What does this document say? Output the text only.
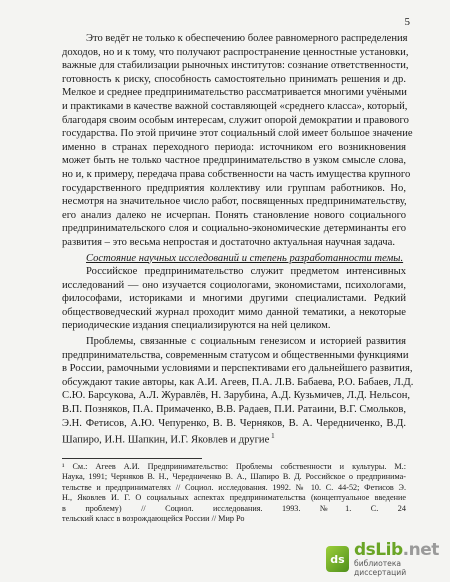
5
Это ведёт не только к обеспечению более равномерного распределения
доходов, но и к тому, что получают распространение ценностные установки,
важные для стабилизации рыночных институтов: сознание ответственности,
готовность к риску, способность самостоятельно принимать решения и др.
Мелкое и среднее предпринимательство рассматривается многими учёными
и практиками в качестве важной составляющей «среднего класса», который,
благодаря своим особым интересам, служит опорой демократии и правового
государства. По этой причине этот социальный слой имеет большое значение
именно в странах переходного периода: источником его возникновения
может быть не только частное предпринимательство в узком смысле слова,
но и, к примеру, передача права собственности на часть имущества крупного
государственного предприятия коллективу или группам работников. Но,
несмотря на значительное число работ, посвященных предпринимательству,
его анализ далеко не исчерпан. Понять становление нового социального
предпринимательского слоя и социально-экономические детерминанты его
развития – это весьма непростая и достаточно актуальная научная задача.
Состояние научных исследований и степень разработанности темы.
Российское предпринимательство служит предметом интенсивных
исследований — оно изучается социологами, экономистами, психологами,
философами, историками и многими другими специалистами. Редкий
обществоведческий журнал проходит мимо данной тематики, а некоторые
периодические издания специализируются на ней целиком.
Проблемы, связанные с социальным генезисом и историей развития
предпринимательства, современным статусом и общественными функциями
в России, рамочными условиями и перспективами его дальнейшего развития,
обсуждают такие авторы, как А.И. Агеев, П.А. Л.В. Бабаева, Р.О. Бабаев, Л.Д.
С.Ю. Барсукова, А.Л. Журавлёв, Н. Зарубина, А.Д. Кузьмичев, Л.Д. Нельсон,
В.П. Позняков, П.А. Примаченко, В.В. Радаев, П.И. Ратаини, В.Г. Смольков,
Э.Н. Фетисов, А.Ю. Чепуренко, В. В. Черняков, В. А. Чередниченко, В.Д.
Шапиро, И.Н. Шапкин, И.Г. Яковлев и другие $^1$
¹ См.: Агеев А.И. Предпринимательство: Проблемы собственности и культуры. М.:
Наука, 1991; Черняков В. Н., Чередниченко В. А., Шапиро В. Д. Российское о предпринима-
тельстве и предпринимателях // Социол. исследования. 1992. № 10. С. 44-52; Фетисов Э.
Н., Яковлев И. Г. О социальных аспектах предпринимательства (концептуальное введение
в проблему) // Социол. исследования. 1993. №1. С. 24
тельский класс в возрождающейся России // Мир Ро
ds dsLib.net
библиотека диссертаций
